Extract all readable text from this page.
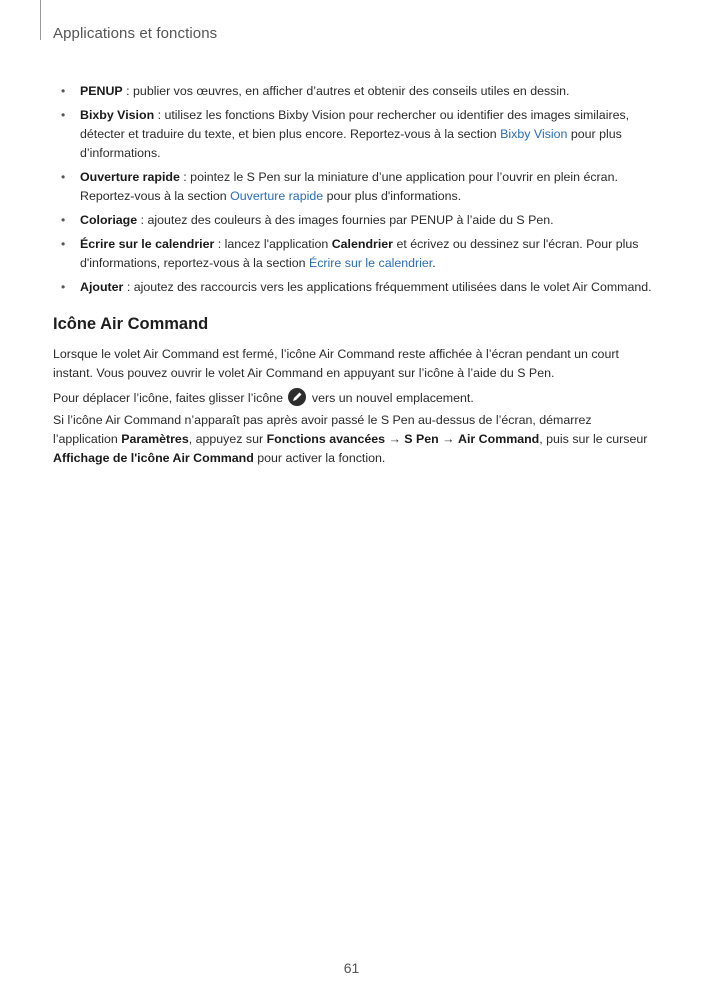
Applications et fonctions
• PENUP : publier vos œuvres, en afficher d’autres et obtenir des conseils utiles en dessin.
• Bixby Vision : utilisez les fonctions Bixby Vision pour rechercher ou identifier des images similaires, détecter et traduire du texte, et bien plus encore. Reportez-vous à la section Bixby Vision pour plus d’informations.
• Ouverture rapide : pointez le S Pen sur la miniature d’une application pour l’ouvrir en plein écran. Reportez-vous à la section Ouverture rapide pour plus d'informations.
• Coloriage : ajoutez des couleurs à des images fournies par PENUP à l’aide du S Pen.
• Écrire sur le calendrier : lancez l'application Calendrier et écrivez ou dessinez sur l'écran. Pour plus d'informations, reportez-vous à la section Écrire sur le calendrier.
• Ajouter : ajoutez des raccourcis vers les applications fréquemment utilisées dans le volet Air Command.
Icône Air Command

Lorsque le volet Air Command est fermé, l’icône Air Command reste affichée à l’écran pendant un court instant. Vous pouvez ouvrir le volet Air Command en appuyant sur l’icône à l’aide du S Pen.

Pour déplacer l’icône, faites glisser l’icône
vers un nouvel emplacement.

Si l’icône Air Command n’apparaît pas après avoir passé le S Pen au-dessus de l’écran, démarrez l’application Paramètres, appuyez sur Fonctions avancées → S Pen → Air Command, puis sur le curseur Affichage de l'icône Air Command pour activer la fonction.

61
